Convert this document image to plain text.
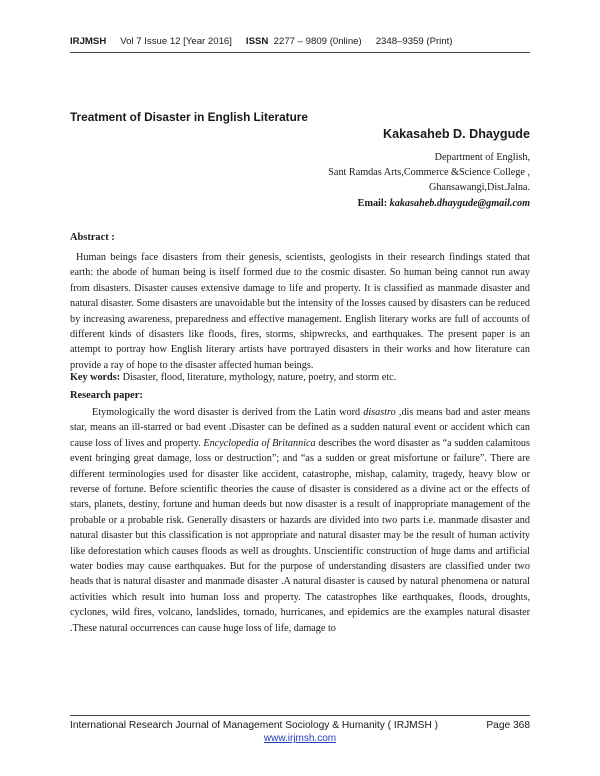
IRJMSH Vol 7 Issue 12 [Year 2016] ISSN 2277 – 9809 (0nline) 2348–9359 (Print)
Treatment of Disaster in English Literature
Kakasaheb D. Dhaygude
Department of English,
Sant Ramdas Arts,Commerce &Science College ,
Ghansawangi,Dist.Jalna.
Email: kakasaheb.dhaygude@gmail.com
Abstract :
Human beings face disasters from their genesis, scientists, geologists in their research findings stated that earth: the abode of human being is itself formed due to the cosmic disaster. So human being cannot run away from disasters. Disaster causes extensive damage to life and property. It is classified as manmade disaster and natural disaster. Some disasters are unavoidable but the intensity of the losses caused by disasters can be reduced by increasing awareness, preparedness and effective management. English literary works are full of accounts of different kinds of disasters like floods, fires, storms, shipwrecks, and earthquakes. The present paper is an attempt to portray how English literary artists have portrayed disasters in their works and how literature can provide a ray of hope to the disaster affected human beings.
Key words: Disaster, flood, literature, mythology, nature, poetry, and storm etc.
Research paper:
Etymologically the word disaster is derived from the Latin word disastro ,dis means bad and aster means star, means an ill-starred or bad event .Disaster can be defined as a sudden natural event or accident which can cause loss of lives and property. Encyclopedia of Britannica describes the word disaster as “a sudden calamitous event bringing great damage, loss or destruction”; and “as a sudden or great misfortune or failure”. There are different terminologies used for disaster like accident, catastrophe, mishap, calamity, tragedy, heavy blow or reverse of fortune. Before scientific theories the cause of disaster is considered as a divine act or the effects of stars, planets, destiny, fortune and human deeds but now disaster is a result of inappropriate management of the probable or a probable risk. Generally disasters or hazards are divided into two parts i.e. manmade disaster and natural disaster but this classification is not appropriate and natural disaster may be the result of human activity like deforestation which causes floods as well as droughts. Unscientific construction of huge dams and artificial water bodies may cause earthquakes. But for the purpose of understanding disasters are classified under two heads that is natural disaster and manmade disaster .A natural disaster is caused by natural phenomena or natural activities which result into human loss and property. The catastrophes like earthquakes, floods, droughts, cyclones, wild fires, volcano, landslides, tornado, hurricanes, and epidemics are the examples natural disaster .These natural occurrences can cause huge loss of life, damage to
International Research Journal of Management Sociology & Humanity ( IRJMSH )	Page 368
www.irjmsh.com
